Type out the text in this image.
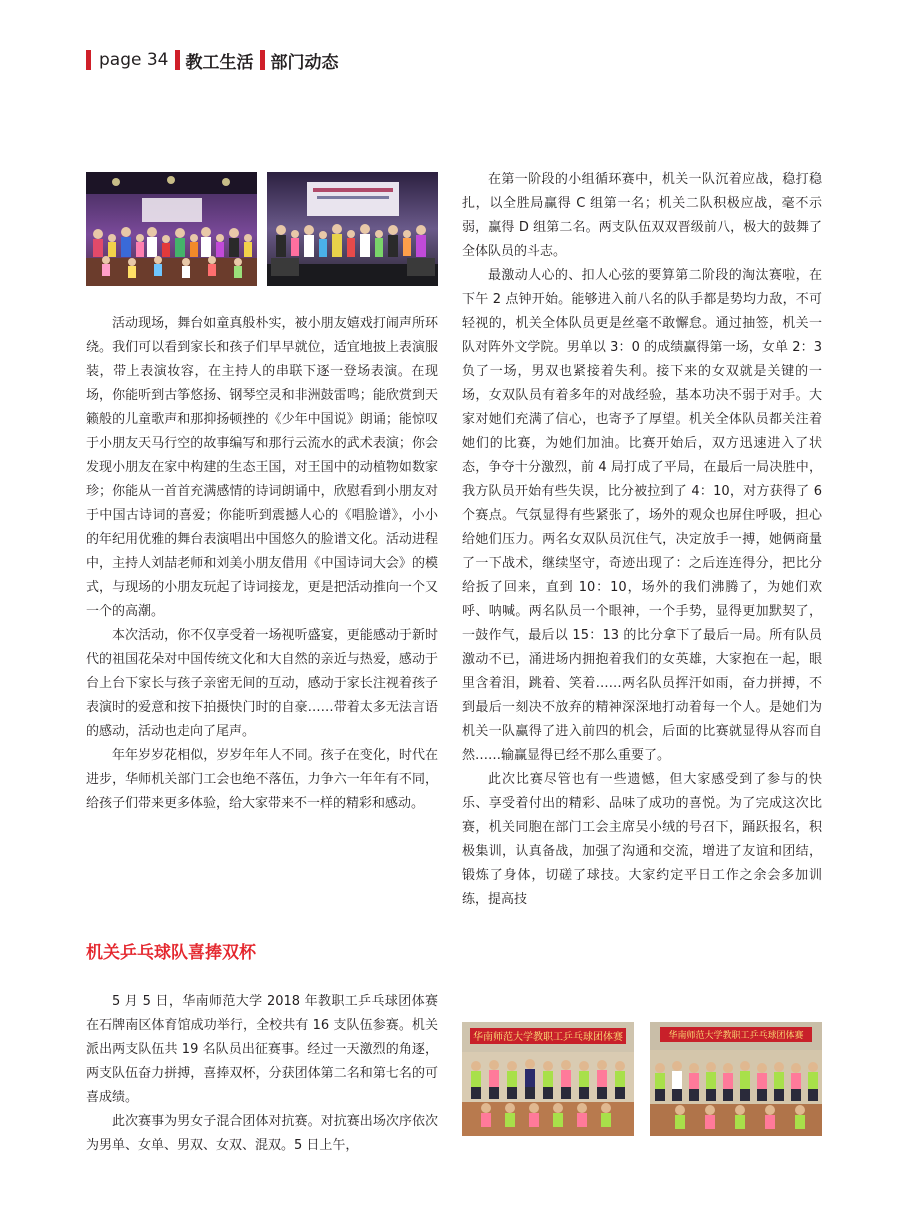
page 34 教工生活 部门动态

活动现场，舞台如童真般朴实，被小朋友嬉戏打闹声所环绕。我们可以看到家长和孩子们早早就位，适宜地披上表演服装，带上表演妆容，在主持人的串联下逐一登场表演。在现场，你能听到古筝悠扬、钢琴空灵和非洲鼓雷鸣；能欣赏到天籁般的儿童歌声和那抑扬顿挫的《少年中国说》朗诵；能惊叹于小朋友天马行空的故事编写和那行云流水的武术表演；你会发现小朋友在家中构建的生态王国，对王国中的动植物如数家珍；你能从一首首充满感情的诗词朗诵中，欣慰看到小朋友对于中国古诗词的喜爱；你能听到震撼人心的《唱脸谱》，小小的年纪用优雅的舞台表演唱出中国悠久的脸谱文化。活动进程中，主持人刘喆老师和刘美小朋友借用《中国诗词大会》的模式，与现场的小朋友玩起了诗词接龙，更是把活动推向一个又一个的高潮。

本次活动，你不仅享受着一场视听盛宴，更能感动于新时代的祖国花朵对中国传统文化和大自然的亲近与热爱，感动于台上台下家长与孩子亲密无间的互动，感动于家长注视着孩子表演时的爱意和按下拍摄快门时的自豪……带着太多无法言语的感动，活动也走向了尾声。

年年岁岁花相似，岁岁年年人不同。孩子在变化，时代在进步，华师机关部门工会也绝不落伍，力争六一年年有不同，给孩子们带来更多体验，给大家带来不一样的精彩和感动。

机关乒乓球队喜捧双杯

5 月 5 日，华南师范大学 2018 年教职工乒乓球团体赛在石牌南区体育馆成功举行，全校共有 16 支队伍参赛。机关派出两支队伍共 19 名队员出征赛事。经过一天激烈的角逐，两支队伍奋力拼搏，喜捧双杯，分获团体第二名和第七名的可喜成绩。

此次赛事为男女子混合团体对抗赛。对抗赛出场次序依次为男单、女单、男双、女双、混双。5 日上午，

在第一阶段的小组循环赛中，机关一队沉着应战，稳打稳扎，以全胜局赢得 C 组第一名；机关二队积极应战，毫不示弱，赢得 D 组第二名。两支队伍双双晋级前八，极大的鼓舞了全体队员的斗志。

最激动人心的、扣人心弦的要算第二阶段的淘汰赛啦，在下午 2 点钟开始。能够进入前八名的队手都是势均力敌，不可轻视的，机关全体队员更是丝毫不敢懈怠。通过抽签，机关一队对阵外文学院。男单以 3：0 的成绩赢得第一场，女单 2：3 负了一场，男双也紧接着失利。接下来的女双就是关键的一场，女双队员有着多年的对战经验，基本功决不弱于对手。大家对她们充满了信心，也寄予了厚望。机关全体队员都关注着她们的比赛，为她们加油。比赛开始后，双方迅速进入了状态，争夺十分激烈，前 4 局打成了平局，在最后一局决胜中，我方队员开始有些失误，比分被拉到了 4：10，对方获得了 6 个赛点。气氛显得有些紧张了，场外的观众也屏住呼吸，担心给她们压力。两名女双队员沉住气，决定放手一搏，她俩商量了一下战术，继续坚守，奇迹出现了：之后连连得分，把比分给扳了回来，直到 10：10，场外的我们沸腾了，为她们欢呼、呐喊。两名队员一个眼神，一个手势，显得更加默契了，一鼓作气，最后以 15：13 的比分拿下了最后一局。所有队员激动不已，涌进场内拥抱着我们的女英雄，大家抱在一起，眼里含着泪，跳着、笑着……两名队员挥汗如雨，奋力拼搏，不到最后一刻决不放弃的精神深深地打动着每一个人。是她们为机关一队赢得了进入前四的机会，后面的比赛就显得从容而自然……输赢显得已经不那么重要了。

此次比赛尽管也有一些遗憾，但大家感受到了参与的快乐、享受着付出的精彩、品味了成功的喜悦。为了完成这次比赛，机关同胞在部门工会主席吴小绒的号召下，踊跃报名，积极集训，认真备战，加强了沟通和交流，增进了友谊和团结，锻炼了身体，切磋了球技。大家约定平日工作之余会多加训练，提高技

华南师范大学教职工乒乓球团体赛	华南师范大学教职工乒乓球团体赛
